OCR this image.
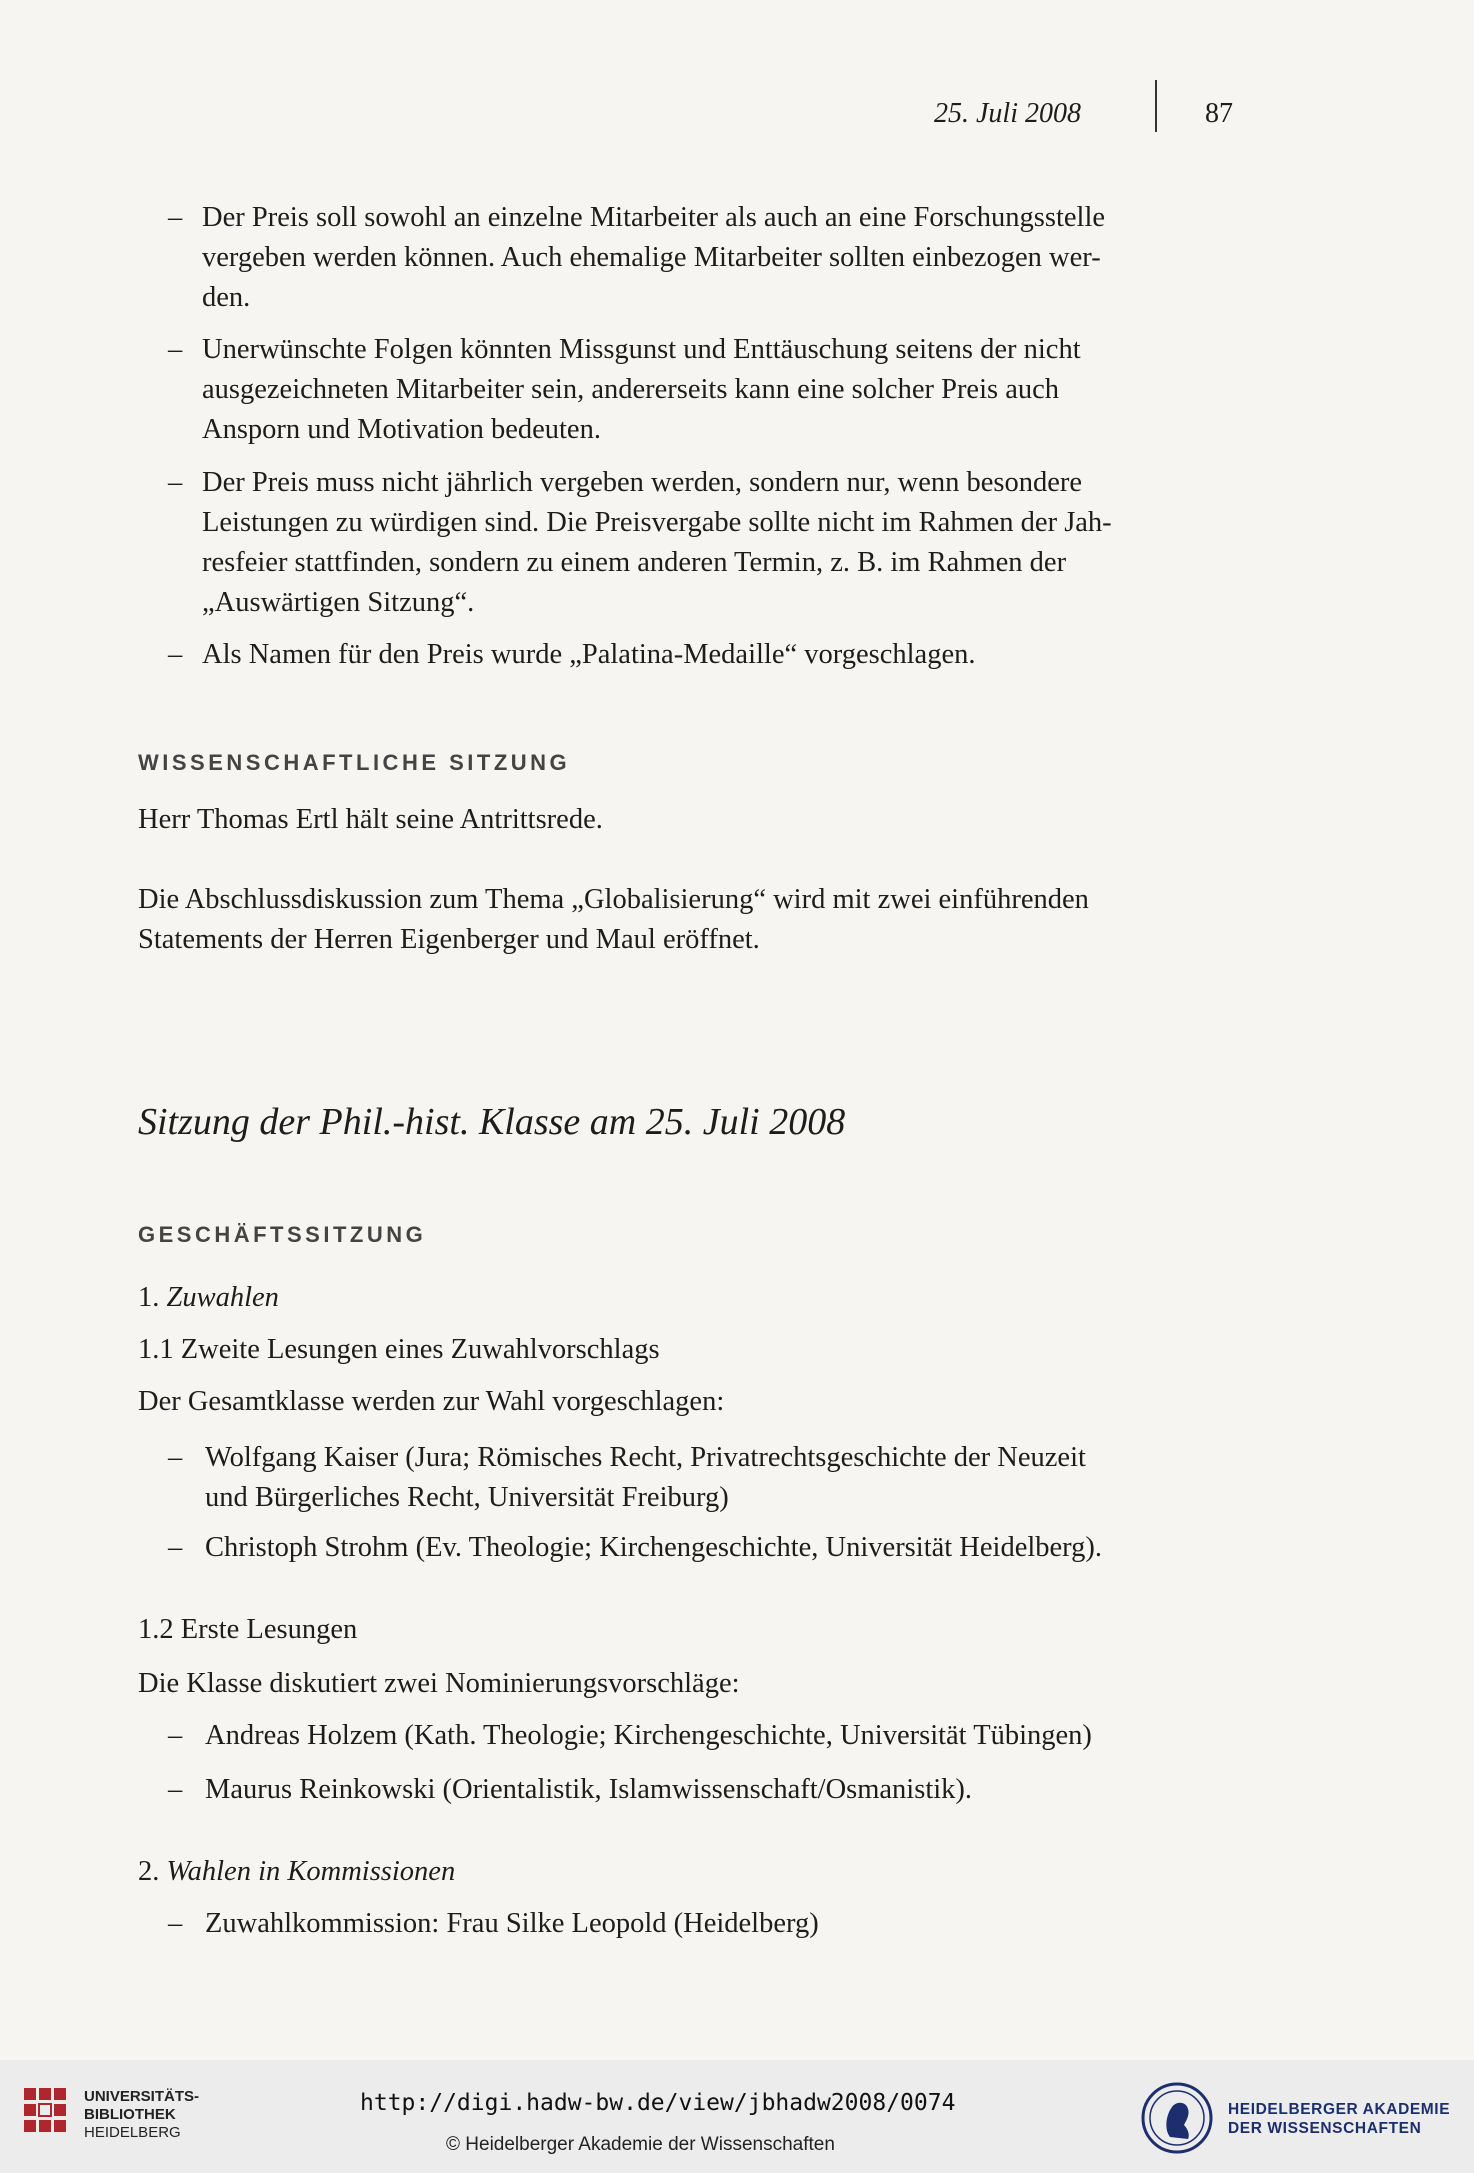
25. Juli 2008	87
– Der Preis soll sowohl an einzelne Mitarbeiter als auch an eine Forschungsstelle
vergeben werden können. Auch ehemalige Mitarbeiter sollten einbezogen wer-
den.
– Unerwünschte Folgen könnten Missgunst und Enttäuschung seitens der nicht
ausgezeichneten Mitarbeiter sein, andererseits kann eine solcher Preis auch
Ansporn und Motivation bedeuten.
– Der Preis muss nicht jährlich vergeben werden, sondern nur, wenn besondere
Leistungen zu würdigen sind. Die Preisvergabe sollte nicht im Rahmen der Jah-
resfeier stattfinden, sondern zu einem anderen Termin, z. B. im Rahmen der
„Auswärtigen Sitzung“.
– Als Namen für den Preis wurde „Palatina-Medaille“ vorgeschlagen.
WISSENSCHAFTLICHE SITZUNG
Herr Thomas Ertl hält seine Antrittsrede.
Die Abschlussdiskussion zum Thema „Globalisierung“ wird mit zwei einführenden
Statements der Herren Eigenberger und Maul eröffnet.
Sitzung der Phil.-hist. Klasse am 25. Juli 2008
GESCHÄFTSSITZUNG
1. Zuwahlen
1.1 Zweite Lesungen eines Zuwahlvorschlags
Der Gesamtklasse werden zur Wahl vorgeschlagen:
– Wolfgang Kaiser (Jura; Römisches Recht, Privatrechtsgeschichte der Neuzeit
und Bürgerliches Recht, Universität Freiburg)
– Christoph Strohm (Ev. Theologie; Kirchengeschichte, Universität Heidelberg).
1.2 Erste Lesungen
Die Klasse diskutiert zwei Nominierungsvorschläge:
– Andreas Holzem (Kath. Theologie; Kirchengeschichte, Universität Tübingen)
– Maurus Reinkowski (Orientalistik, Islamwissenschaft/Osmanistik).
2. Wahlen in Kommissionen
– Zuwahlkommission: Frau Silke Leopold (Heidelberg)
UNIVERSITÄTS-
BIBLIOTHEK
HEIDELBERG
http://digi.hadw-bw.de/view/jbhadw2008/0074
© Heidelberger Akademie der Wissenschaften
HEIDELBERGER AKADEMIE
DER WISSENSCHAFTEN
